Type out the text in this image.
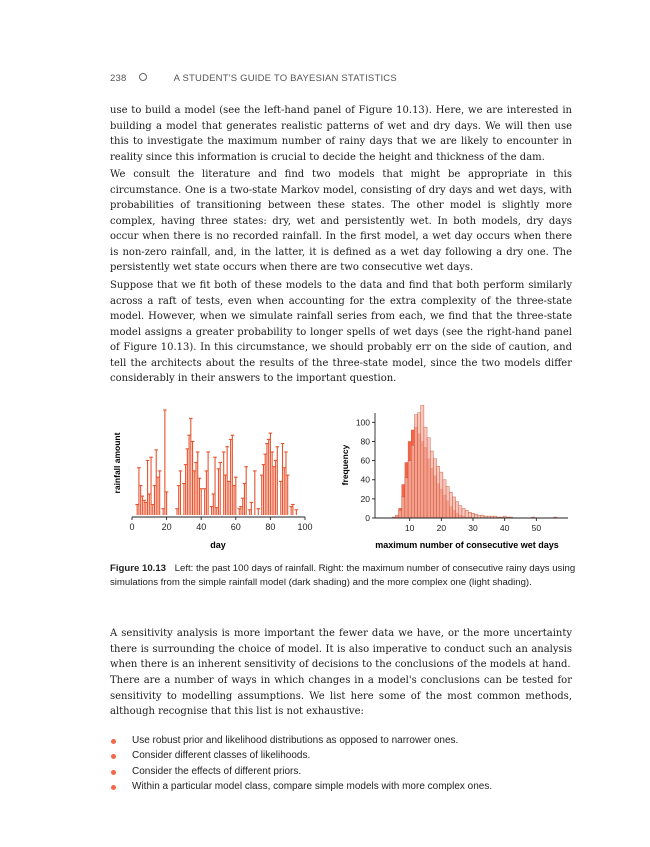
238	A STUDENT'S GUIDE TO BAYESIAN STATISTICS

use to build a model (see the left-hand panel of Figure 10.13). Here, we are interested in building a model that generates realistic patterns of wet and dry days. We will then use this to investigate the maximum number of rainy days that we are likely to encounter in reality since this information is crucial to decide the height and thickness of the dam.

We consult the literature and find two models that might be appropriate in this circumstance. One is a two-state Markov model, consisting of dry days and wet days, with probabilities of transitioning between these states. The other model is slightly more complex, having three states: dry, wet and persistently wet. In both models, dry days occur when there is no recorded rainfall. In the first model, a wet day occurs when there is non-zero rainfall, and, in the latter, it is defined as a wet day following a dry one. The persistently wet state occurs when there are two consecutive wet days.

Suppose that we fit both of these models to the data and find that both perform similarly across a raft of tests, even when accounting for the extra complexity of the three-state model. However, when we simulate rainfall series from each, we find that the three-state model assigns a greater probability to longer spells of wet days (see the right-hand panel of Figure 10.13). In this circumstance, we should probably err on the side of caution, and tell the architects about the results of the three-state model, since the two models differ considerably in their answers to the important question.

0	20	40	60	80 100
rainfall amount
day
0
20
40
60
80
100
10	20	30	40	50
frequency
maximum number of consecutive wet days
Figure 10.13 Left: the past 100 days of rainfall. Right: the maximum number of consecutive rainy days using simulations from the simple rainfall model (dark shading) and the more complex one (light shading).

A sensitivity analysis is more important the fewer data we have, or the more uncertainty there is surrounding the choice of model. It is also imperative to conduct such an analysis when there is an inherent sensitivity of decisions to the conclusions of the models at hand.

There are a number of ways in which changes in a model's conclusions can be tested for sensitivity to modelling assumptions. We list here some of the most common methods, although recognise that this list is not exhaustive:

Use robust prior and likelihood distributions as opposed to narrower ones.
Consider different classes of likelihoods.
Consider the effects of different priors.
Within a particular model class, compare simple models with more complex ones.
